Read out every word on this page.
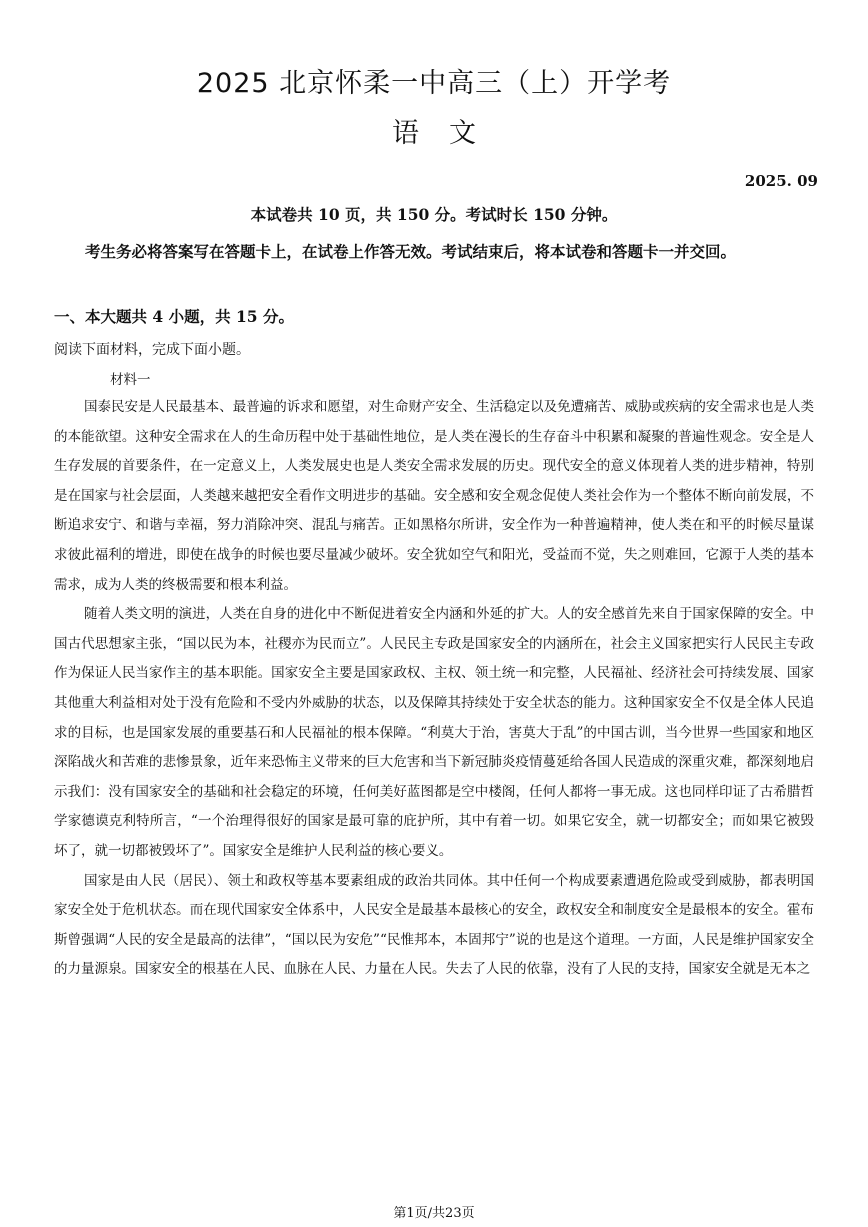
2025 北京怀柔一中高三（上）开学考
语文
2025. 09
本试卷共 10 页，共 150 分。考试时长 150 分钟。
考生务必将答案写在答题卡上，在试卷上作答无效。考试结束后，将本试卷和答题卡一并交回。
一、本大题共 4 小题，共 15 分。
阅读下面材料，完成下面小题。
材料一

国泰民安是人民最基本、最普遍的诉求和愿望，对生命财产安全、生活稳定以及免遭痛苦、威胁或疾病的安全需求也是人类的本能欲望。这种安全需求在人的生命历程中处于基础性地位，是人类在漫长的生存奋斗中积累和凝聚的普遍性观念。安全是人生存发展的首要条件，在一定意义上，人类发展史也是人类安全需求发展的历史。现代安全的意义体现着人类的进步精神，特别是在国家与社会层面，人类越来越把安全看作文明进步的基础。安全感和安全观念促使人类社会作为一个整体不断向前发展，不断追求安宁、和谐与幸福，努力消除冲突、混乱与痛苦。正如黑格尔所讲，安全作为一种普遍精神，使人类在和平的时候尽量谋求彼此福利的增进，即使在战争的时候也要尽量减少破坏。安全犹如空气和阳光，受益而不觉，失之则难回，它源于人类的基本需求，成为人类的终极需要和根本利益。

随着人类文明的演进，人类在自身的进化中不断促进着安全内涵和外延的扩大。人的安全感首先来自于国家保障的安全。中国古代思想家主张，“国以民为本，社稷亦为民而立”。人民民主专政是国家安全的内涵所在，社会主义国家把实行人民民主专政作为保证人民当家作主的基本职能。国家安全主要是国家政权、主权、领土统一和完整，人民福祉、经济社会可持续发展、国家其他重大利益相对处于没有危险和不受内外威胁的状态，以及保障其持续处于安全状态的能力。这种国家安全不仅是全体人民追求的目标，也是国家发展的重要基石和人民福祉的根本保障。“利莫大于治，害莫大于乱”的中国古训，当今世界一些国家和地区深陷战火和苦难的悲惨景象，近年来恐怖主义带来的巨大危害和当下新冠肺炎疫情蔓延给各国人民造成的深重灾难，都深刻地启示我们：没有国家安全的基础和社会稳定的环境，任何美好蓝图都是空中楼阁，任何人都将一事无成。这也同样印证了古希腊哲学家德谟克利特所言，“一个治理得很好的国家是最可靠的庇护所，其中有着一切。如果它安全，就一切都安全；而如果它被毁坏了，就一切都被毁坏了”。国家安全是维护人民利益的核心要义。

国家是由人民（居民）、领土和政权等基本要素组成的政治共同体。其中任何一个构成要素遭遇危险或受到威胁，都表明国家安全处于危机状态。而在现代国家安全体系中，人民安全是最基本最核心的安全，政权安全和制度安全是最根本的安全。霍布斯曾强调“人民的安全是最高的法律”，“国以民为安危”“民惟邦本，本固邦宁”说的也是这个道理。一方面，人民是维护国家安全的力量源泉。国家安全的根基在人民、血脉在人民、力量在人民。失去了人民的依靠，没有了人民的支持，国家安全就是无本之

第1页/共23页
